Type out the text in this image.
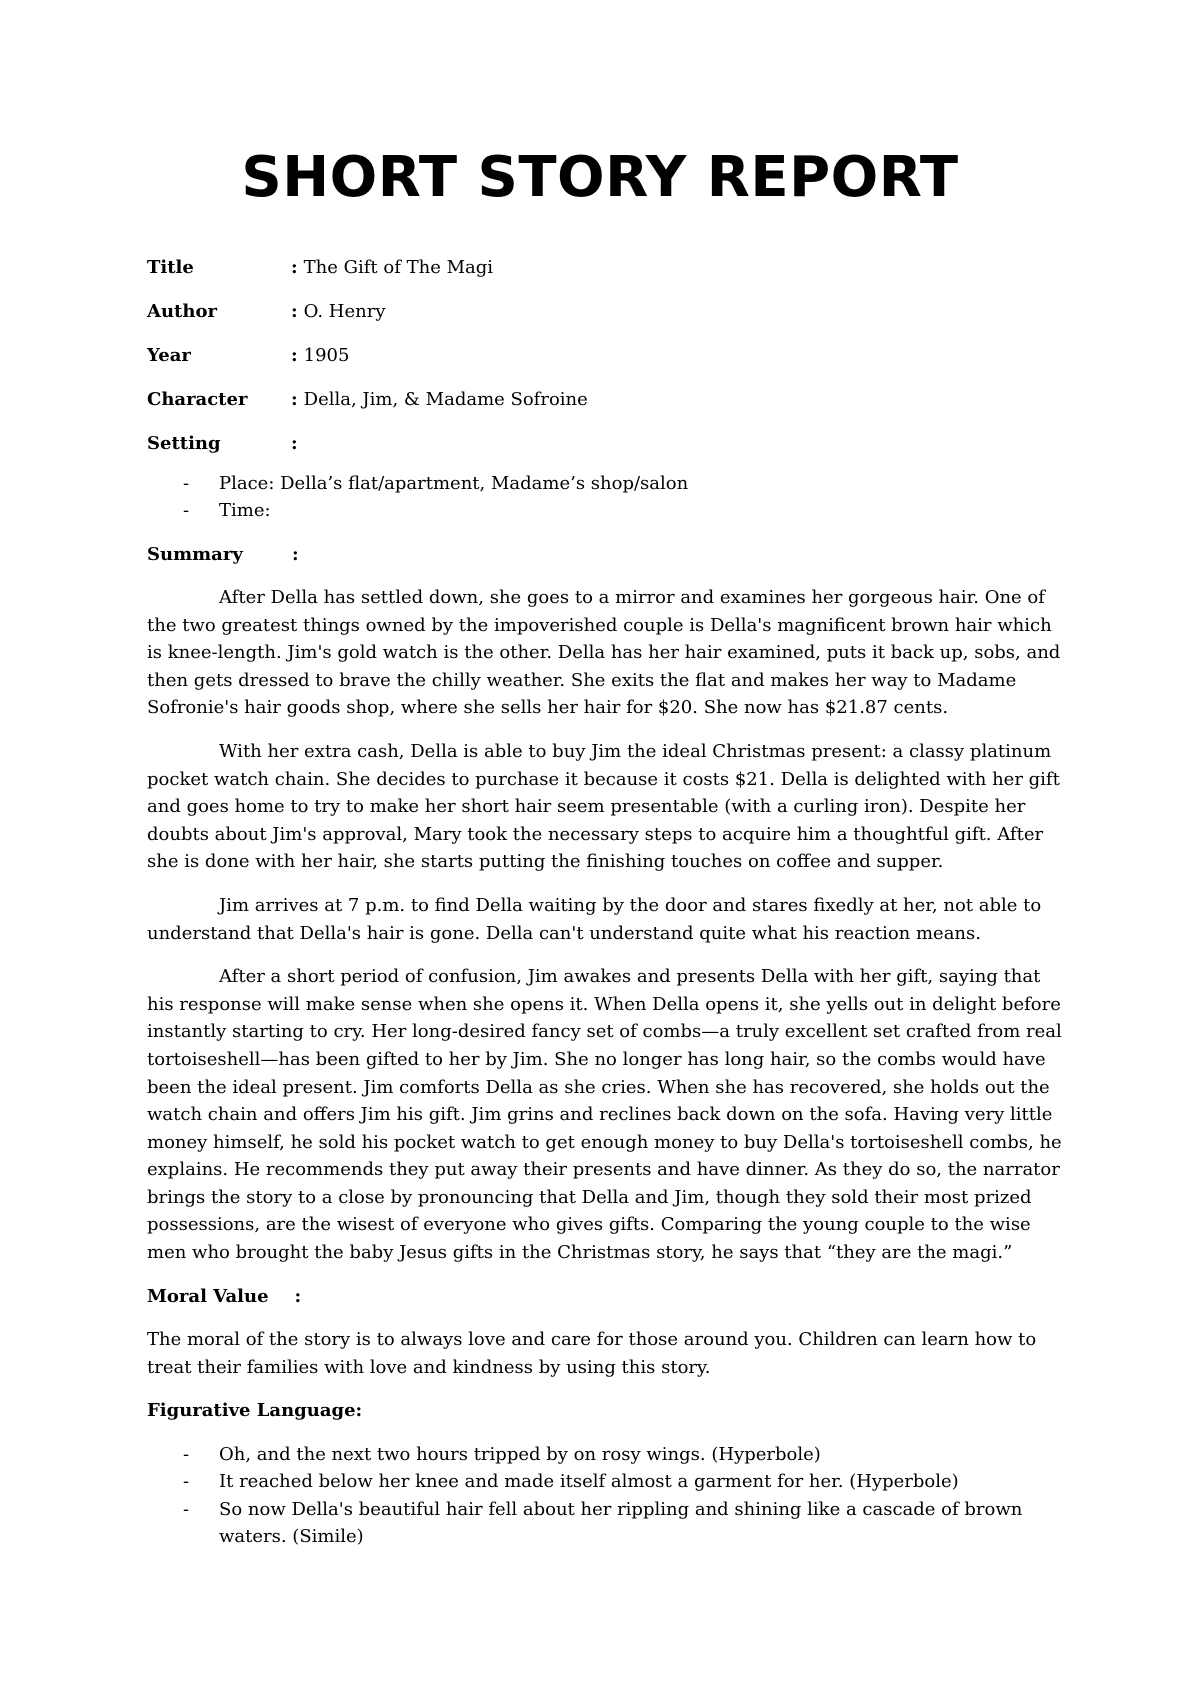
SHORT STORY REPORT
Title	: The Gift of The Magi
Author	: O. Henry
Year	: 1905
Character	: Della, Jim, & Madame Sofroine
Setting	:
- Place: Della’s flat/apartment, Madame’s shop/salon
- Time:
Summary	:

After Della has settled down, she goes to a mirror and examines her gorgeous hair. One of the two greatest things owned by the impoverished couple is Della's magnificent brown hair which is knee-length. Jim's gold watch is the other. Della has her hair examined, puts it back up, sobs, and then gets dressed to brave the chilly weather. She exits the flat and makes her way to Madame Sofronie's hair goods shop, where she sells her hair for $20. She now has $21.87 cents.

With her extra cash, Della is able to buy Jim the ideal Christmas present: a classy platinum pocket watch chain. She decides to purchase it because it costs $21. Della is delighted with her gift and goes home to try to make her short hair seem presentable (with a curling iron). Despite her doubts about Jim's approval, Mary took the necessary steps to acquire him a thoughtful gift. After she is done with her hair, she starts putting the finishing touches on coffee and supper.

Jim arrives at 7 p.m. to find Della waiting by the door and stares fixedly at her, not able to understand that Della's hair is gone. Della can't understand quite what his reaction means.

After a short period of confusion, Jim awakes and presents Della with her gift, saying that his response will make sense when she opens it. When Della opens it, she yells out in delight before instantly starting to cry. Her long-desired fancy set of combs—a truly excellent set crafted from real tortoiseshell—has been gifted to her by Jim. She no longer has long hair, so the combs would have been the ideal present. Jim comforts Della as she cries. When she has recovered, she holds out the watch chain and offers Jim his gift. Jim grins and reclines back down on the sofa. Having very little money himself, he sold his pocket watch to get enough money to buy Della's tortoiseshell combs, he explains. He recommends they put away their presents and have dinner. As they do so, the narrator brings the story to a close by pronouncing that Della and Jim, though they sold their most prized possessions, are the wisest of everyone who gives gifts. Comparing the young couple to the wise men who brought the baby Jesus gifts in the Christmas story, he says that “they are the magi.”

Moral Value :

The moral of the story is to always love and care for those around you. Children can learn how to treat their families with love and kindness by using this story.

Figurative Language:
- Oh, and the next two hours tripped by on rosy wings. (Hyperbole)
- It reached below her knee and made itself almost a garment for her. (Hyperbole)
- So now Della's beautiful hair fell about her rippling and shining like a cascade of brown waters. (Simile)
